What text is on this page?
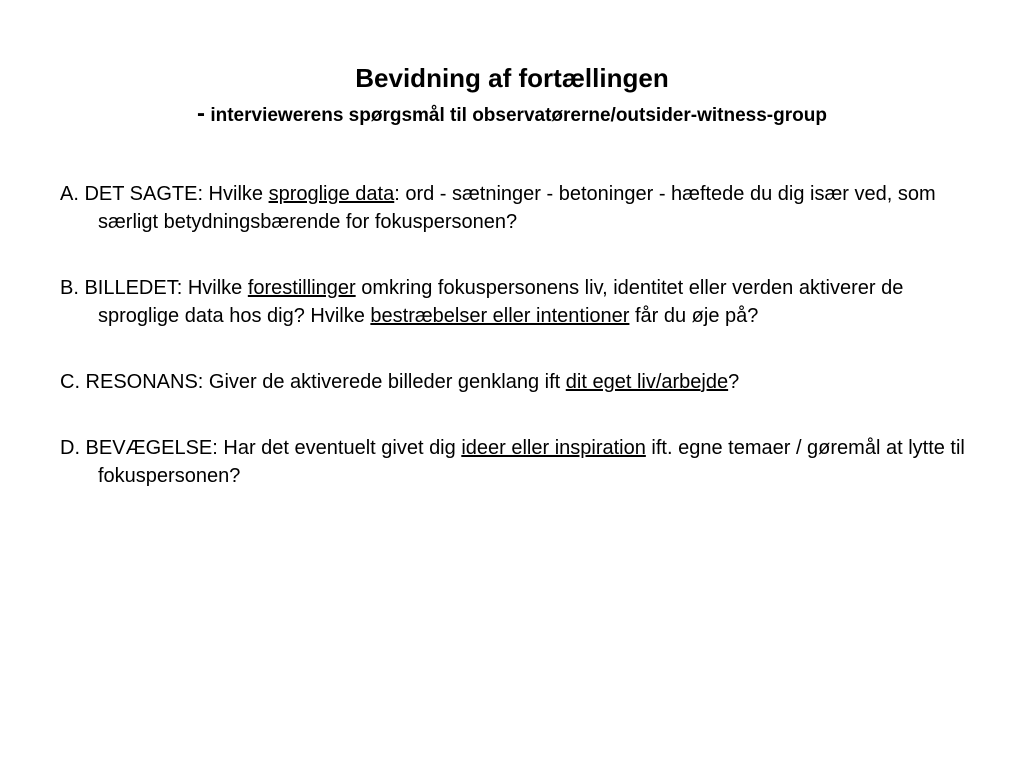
Bevidning af fortællingen

- interviewerens spørgsmål til observatørerne/outsider-witness-group

A. DET SAGTE: Hvilke sproglige data: ord - sætninger - betoninger - hæftede du dig især ved, som særligt betydningsbærende for fokuspersonen?

B. BILLEDET: Hvilke forestillinger omkring fokuspersonens liv, identitet eller verden aktiverer de sproglige data hos dig? Hvilke bestræbelser eller intentioner får du øje på?

C. RESONANS: Giver de aktiverede billeder genklang ift dit eget liv/arbejde?

D. BEVÆGELSE: Har det eventuelt givet dig ideer eller inspiration ift. egne temaer / gøremål at lytte til fokuspersonen?
